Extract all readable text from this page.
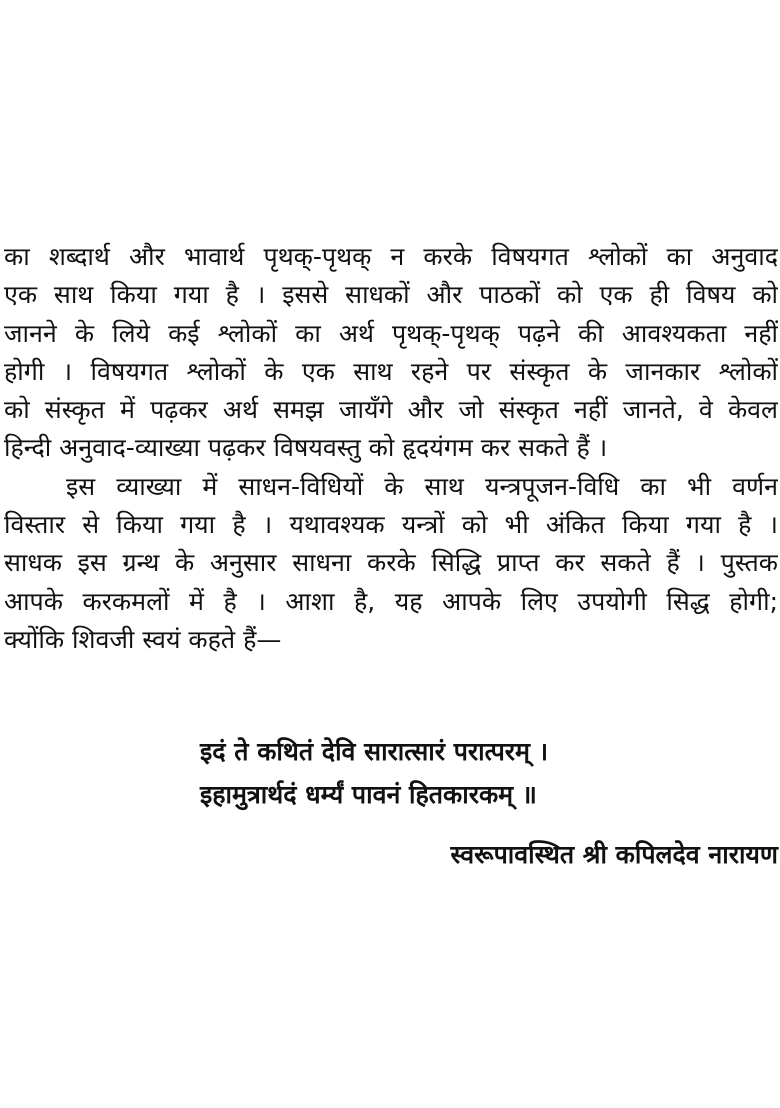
का शब्दार्थ और भावार्थ पृथक्-पृथक् न करके विषयगत श्लोकों का अनुवाद
एक साथ किया गया है । इससे साधकों और पाठकों को एक ही विषय को
जानने के लिये कई श्लोकों का अर्थ पृथक्-पृथक् पढ़ने की आवश्यकता नहीं
होगी । विषयगत श्लोकों के एक साथ रहने पर संस्कृत के जानकार श्लोकों
को संस्कृत में पढ़कर अर्थ समझ जायँगे और जो संस्कृत नहीं जानते, वे केवल
हिन्दी अनुवाद-व्याख्या पढ़कर विषयवस्तु को हृदयंगम कर सकते हैं ।
इस व्याख्या में साधन-विधियों के साथ यन्त्रपूजन-विधि का भी वर्णन
विस्तार से किया गया है । यथावश्यक यन्त्रों को भी अंकित किया गया है ।
साधक इस ग्रन्थ के अनुसार साधना करके सिद्धि प्राप्त कर सकते हैं । पुस्तक
आपके करकमलों में है । आशा है, यह आपके लिए उपयोगी सिद्ध होगी;
क्योंकि शिवजी स्वयं कहते हैं—
इदं ते कथितं देवि सारात्सारं परात्परम् ।
इहामुत्रार्थदं धर्म्यं पावनं हितकारकम् ॥
स्वरूपावस्थित श्री कपिलदेव नारायण
